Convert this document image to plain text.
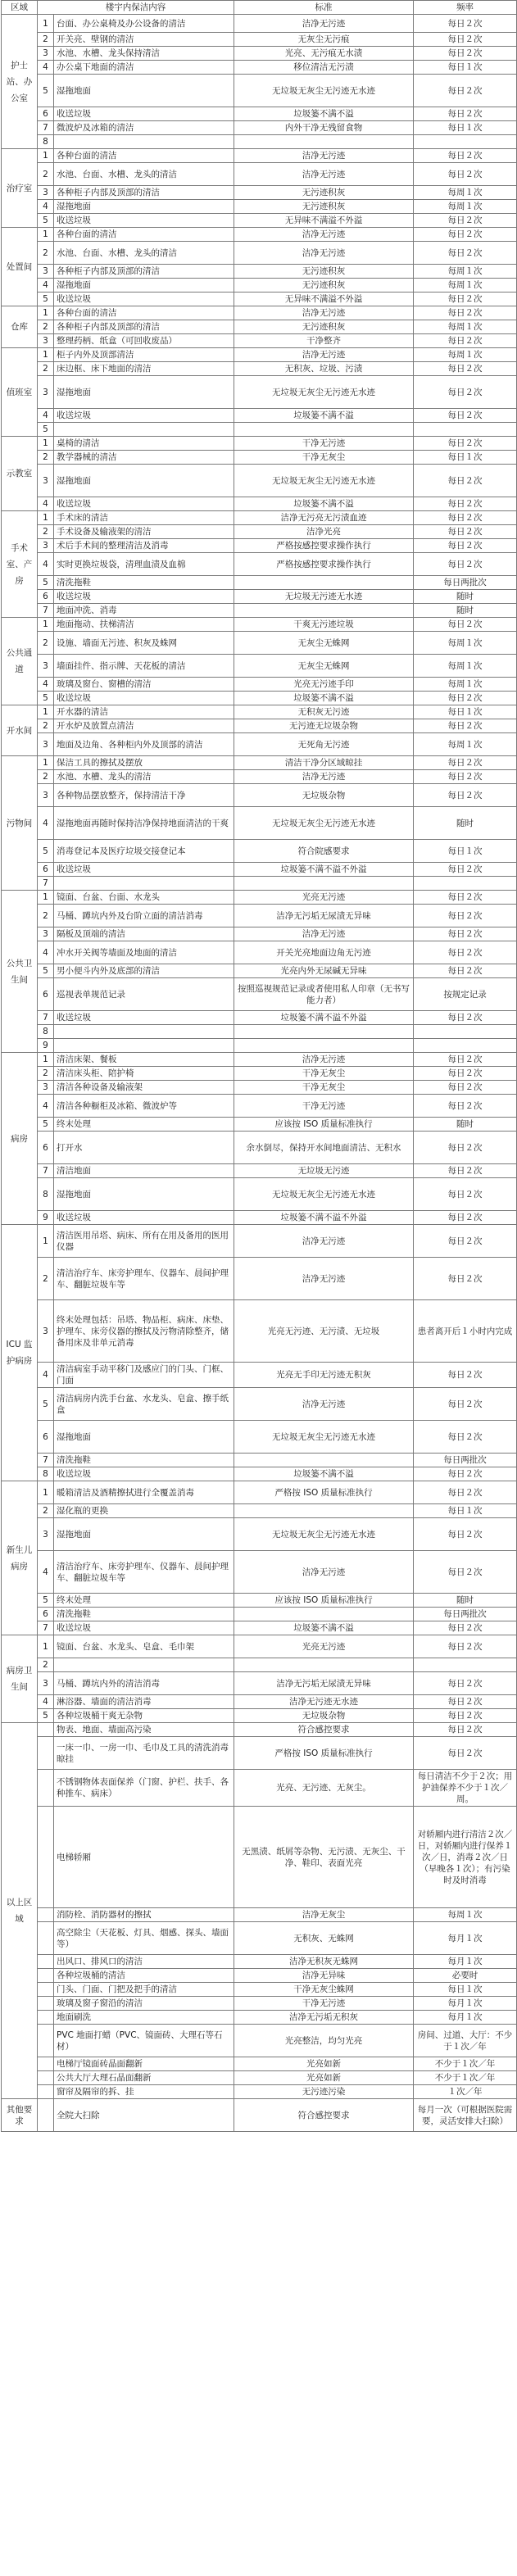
区域	楼宇内保洁内容		标准	频率
护士站、办公室	1	台面、办公桌椅及办公设备的清洁	洁净无污迹	每日２次
	2	开关亮、壁钢的清洁	无灰尘无污痕	每日２次
	3	水池、水槽、龙头保持清洁	光亮、无污痕无水渍	每日２次
	4	办公桌下地面的清洁	移位清洁无污渍	每日１次
	5	湿拖地面	无垃圾无灰尘无污迹无水迹	每日２次
	6	收送垃圾	垃圾篓不满不溢	每日２次
	7	微波炉及冰箱的清洁	内外干净无残留食物	每日１次
	8			
治疗室	1	各种台面的清洁	洁净无污迹	每日２次
	2	水池、台面、水槽、龙头的清洁	洁净无污迹	每日２次
	3	各种柜子内部及顶部的清洁	无污迹积灰	每周１次
	4	湿拖地面	无污迹积灰	每周１次
	5	收送垃圾	无异味不满溢不外溢	每日２次
处置间	1	各种台面的清洁	洁净无污迹	每日２次
	2	水池、台面、水槽、龙头的清洁	洁净无污迹	每日２次
	3	各种柜子内部及顶部的清洁	无污迹积灰	每周１次
	4	湿拖地面	无污迹积灰	每周１次
	5	收送垃圾	无异味不满溢不外溢	每日２次
仓库	1	各种台面的清洁	洁净无污迹	每日２次
	2	各种柜子内部及顶部的清洁	无污迹积灰	每周１次
	3	整理药柄、纸盒（可回收废品）	干净整齐	每日２次
值班室	1	柜子内外及顶部清洁	洁净无污迹	每周１次
	2	床边框、床下地面的清洁	无积灰、垃圾、污渍	每日２次
	3	湿拖地面	无垃圾无灰尘无污迹无水迹	每日２次
	4	收送垃圾	垃圾篓不满不溢	每日２次
	5			
示教室	1	桌椅的清洁	干净无污迹	每日２次
	2	教学器械的清洁	干净无灰尘	每日１次
	3	湿拖地面	无垃圾无灰尘无污迹无水迹	每日２次
	4	收送垃圾	垃圾篓不满不溢	每日２次
手术室、产房	1	手术床的清洁	洁净无污亮无污渍血迹	每日２次
	2	手术设备及输液架的清洁	洁净光亮	每日２次
	3	术后手术间的整理清洁及消毒	严格按感控要求操作执行	每日２次
	4	实时更换垃圾袋，清理血渍及血棉	严格按感控要求操作执行	每日２次
	5	清洗拖鞋		每日两批次
	6	收送垃圾	无垃圾无污迹无水迹	随时
	7	地面冲洗、消毒		随时
公共通道	1	地面拖动、扶梯清洁	干爽无污迹垃圾	每日２次
	2	设施、墙面无污迹、积灰及蛛网	无灰尘无蛛网	每周１次
	3	墙面挂件、指示牌、天花板的清洁	无灰尘无蛛网	每周１次
	4	玻璃及窗台、窗槽的清洁	光亮无污迹手印	每周１次
	5	收送垃圾	垃圾篓不满不溢	每日２次
开水间	1	开水器的清洁	无积灰无污迹	每日１次
	2	开水炉及放置点清洁	无污迹无垃圾杂物	每日２次
	3	地面及边角、各种柜内外及顶部的清洁	无死角无污迹	每周１次
污物间	1	保洁工具的擦拭及摆放	清洁干净分区域晾挂	每日２次
	2	水池、水槽、龙头的清洁	洁净无污迹	每日２次
	3	各种物品摆放整齐，保持清洁干净	无垃圾杂物	每日２次
	4	湿拖地面再随时保持洁净保持地面清洁的干爽	无垃圾无灰尘无污迹无水迹	随时
	5	消毒登记本及医疗垃圾交接登记本	符合院感要求	每日１次
	6	收送垃圾	垃圾篓不满不溢不外溢	每日２次
	7			
公共卫生间	1	镜面、台盆、台面、水龙头	光亮无污迹	每日２次
	2	马桶、蹲坑内外及台阶立面的清洁消毒	洁净无污垢无尿渍无异味	每日２次
	3	隔板及顶端的清洁	洁净无污迹	每日２次
	4	冲水开关阀等墙面及地面的清洁	开关光亮地面边角无污迹	每日２次
	5	男小便斗内外及底部的清洁	光亮内外无尿碱无异味	每日２次
	6	巡视表单规范记录	按照巡视规范记录或者使用私人印章（无书写能力者）	按规定记录
	7	收送垃圾	垃圾篓不满不溢不外溢	每日２次
	8			
	9			
病房	1	清洁床架、餐板	洁净无污迹	每日２次
	2	清洁床头柜、陪护椅	干净无灰尘	每日２次
	3	清洁各种设备及输液架	干净无灰尘	每日２次
	4	清洁各种橱柜及冰箱、微波炉等	干净无污迹	每日２次
	5	终末处理	应该按 ISO 质量标准执行	随时
	6	打开水	余水倒尽，保持开水间地面清洁、无积水	每日２次
	7	清洁地面	无垃圾无污迹	每日２次
	8	湿拖地面	无垃圾无灰尘无污迹无水迹	每日２次
	9	收送垃圾	垃圾篓不满不溢不外溢	每日２次
ICU 监护病房	1	清洁医用吊塔、病床、所有在用及备用的医用仪器	洁净无污迹	每日２次
	2	清洁治疗车、床旁护理车、仪器车、晨间护理车、翻脏垃圾车等	洁净无污迹	每日２次
	3	终末处理包括：吊塔、物品柜、病床、床垫、护理车、床旁仪器的擦拭及污物清除整齐，储备用床及非单元消毒	光亮无污迹、无污渍、无垃圾	患者离开后１小时内完成
	4	清洁病室手动平移门及感应门的门头、门框、门面	光亮无手印无污迹无积灰	每日２次
	5	清洁病房内洗手台盆、水龙头、皂盒、擦手纸盒	洁净无污迹	每日２次
	6	湿拖地面	无垃圾无灰尘无污迹无水迹	每日２次
	7	清洗拖鞋		每日两批次
	8	收送垃圾	垃圾篓不满不溢	每日２次
新生儿病房	1	暖箱清洁及酒精擦拭进行全覆盖消毒	严格按 ISO 质量标准执行	每日２次
	2	湿化瓶的更换		每日１次
	3	湿拖地面	无垃圾无灰尘无污迹无水迹	每日２次
	4	清洁治疗车、床旁护理车、仪器车、晨间护理车、翻脏垃圾车等	洁净无污迹	每日２次
	5	终末处理	应该按 ISO 质量标准执行	随时
	6	清洗拖鞋		每日两批次
	7	收送垃圾	垃圾篓不满不溢	每日２次
病房卫生间	1	镜面、台盆、水龙头、皂盒、毛巾架	光亮无污迹	每日２次
	2			
	3	马桶、蹲坑内外的清洁消毒	洁净无污垢无尿渍无异味	每日２次
	4	淋浴器、墙面的清洁消毒	洁净无污迹无水迹	每日２次
	5	各种垃圾桶干爽无杂物	无垃圾杂物	每日２次
以上区域		物表、地面、墙面高污染	符合感控要求	每日２次
		一床一巾、一房一巾、毛巾及工具的清洗消毒晾挂	严格按 ISO 质量标准执行	每日２次
		不锈钢物体表面保养（门窗、护栏、扶手、各种推车、病床）	光亮、无污迹、无灰尘。	每日清洁不少于２次；用护油保养不少于１次／周。
		电梯轿厢	无黑渍、纸屑等杂物、无污渍、无灰尘、干净、鞋印、表面光亮	对轿厢内进行清洁２次／日，对轿厢内进行保养１次／日，消毒２次／日（早晚各１次）；有污染时及时消毒
		消防栓、消防器材的擦拭	洁净无灰尘	每周１次
		高空除尘（天花板、灯具、烟感、探头、墙面等）	无积灰、无蛛网	每月１次
		出风口、排风口的清洁	洁净无积灰无蛛网	每月１次
		各种垃圾桶的清洁	洁净无异味	必要时
		门头、门面、门把及把手的清洁	干净无灰尘蛛网	每日１次
		玻璃及窗子窗沿的清洁	干净无污迹	每月１次
		地面刷洗	洁净无污垢无积灰	每月１次
		PVC 地面打蜡（PVC、镜面砖、大理石等石材）	光亮整洁，均匀光亮	房间、过道、大厅：不少于１次／年
		电梯厅镜面砖晶面翻新	光亮如新	不少于１次／年
		公共大厅大理石晶面翻新	光亮如新	不少于１次／年
		窗帘及隔帘的拆、挂	无污迹污染	１次／年
其他要求		全院大扫除	符合感控要求	每月一次（可根据医院需要，灵活安排大扫除）
